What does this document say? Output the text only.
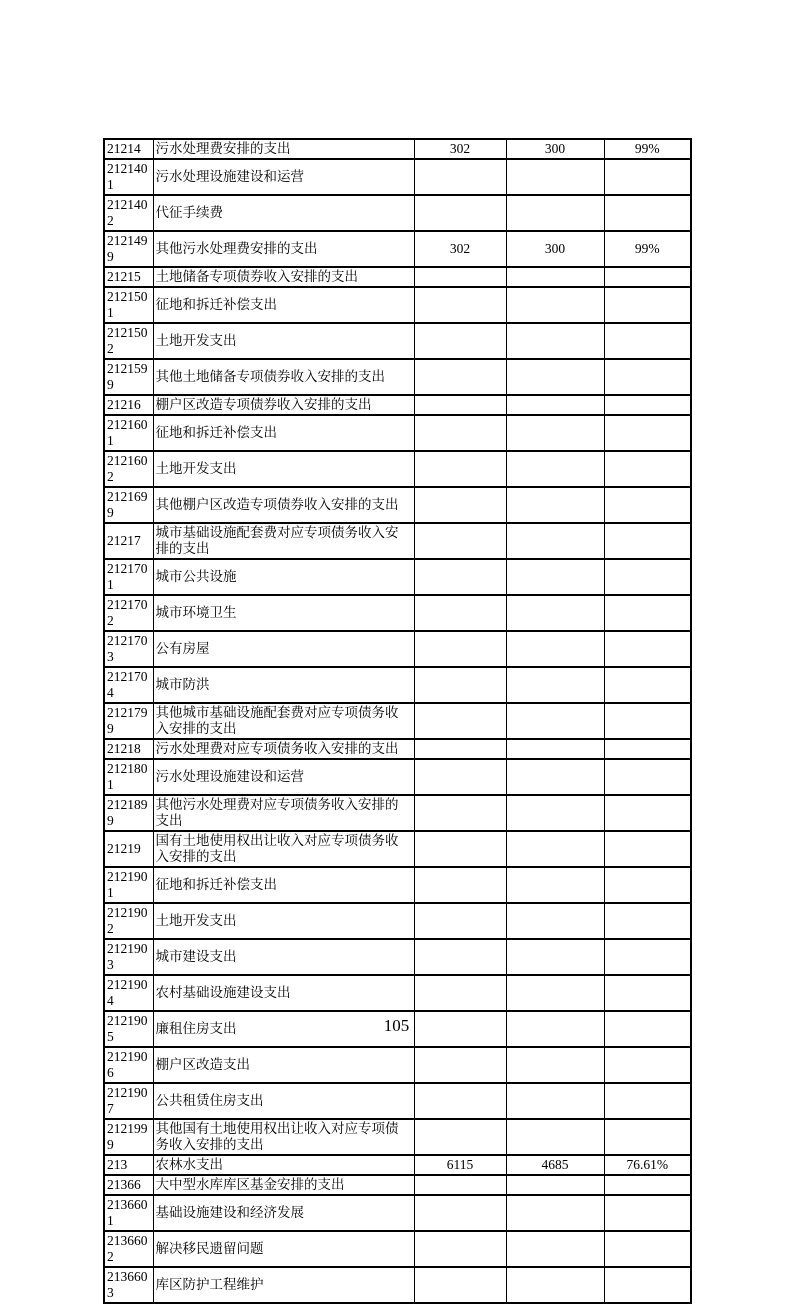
21214	污水处理费安排的支出	302	300	99%
2121401	污水处理设施建设和运营			
2121402	代征手续费			
2121499	其他污水处理费安排的支出	302	300	99%
21215	土地储备专项债券收入安排的支出			
2121501	征地和拆迁补偿支出			
2121502	土地开发支出			
2121599	其他土地储备专项债券收入安排的支出			
21216	棚户区改造专项债券收入安排的支出			
2121601	征地和拆迁补偿支出			
2121602	土地开发支出			
2121699	其他棚户区改造专项债券收入安排的支出			
21217	城市基础设施配套费对应专项债务收入安排的支出			
2121701	城市公共设施			
2121702	城市环境卫生			
2121703	公有房屋			
2121704	城市防洪			
2121799	其他城市基础设施配套费对应专项债务收入安排的支出			
21218	污水处理费对应专项债务收入安排的支出			
2121801	污水处理设施建设和运营			
2121899	其他污水处理费对应专项债务收入安排的支出			
21219	国有土地使用权出让收入对应专项债务收入安排的支出			
2121901	征地和拆迁补偿支出			
2121902	土地开发支出			
2121903	城市建设支出			
2121904	农村基础设施建设支出			
2121905	廉租住房支出			
2121906	棚户区改造支出			
2121907	公共租赁住房支出			
2121999	其他国有土地使用权出让收入对应专项债务收入安排的支出			
213	农林水支出	6115	4685	76.61%
21366	大中型水库库区基金安排的支出			
2136601	基础设施建设和经济发展			
2136602	解决移民遗留问题			
2136603	库区防护工程维护			
105
